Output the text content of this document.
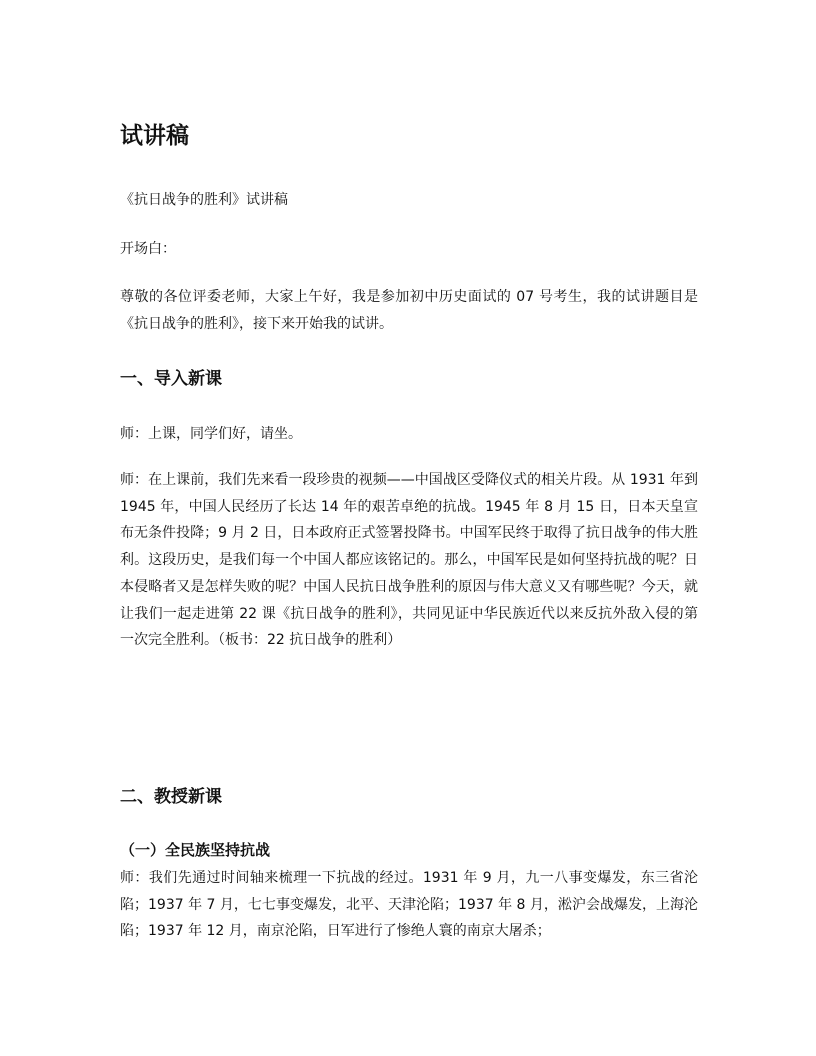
试讲稿

《抗日战争的胜利》试讲稿

开场白：

尊敬的各位评委老师，大家上午好，我是参加初中历史面试的 07 号考生，我的试讲题目是《抗日战争的胜利》，接下来开始我的试讲。

一、导入新课

师：上课，同学们好，请坐。

师：在上课前，我们先来看一段珍贵的视频——中国战区受降仪式的相关片段。从 1931 年到 1945 年，中国人民经历了长达 14 年的艰苦卓绝的抗战。1945 年 8 月 15 日，日本天皇宣布无条件投降；9 月 2 日，日本政府正式签署投降书。中国军民终于取得了抗日战争的伟大胜利。这段历史，是我们每一个中国人都应该铭记的。那么，中国军民是如何坚持抗战的呢？日本侵略者又是怎样失败的呢？中国人民抗日战争胜利的原因与伟大意义又有哪些呢？今天，就让我们一起走进第 22 课《抗日战争的胜利》，共同见证中华民族近代以来反抗外敌入侵的第一次完全胜利。（板书：22 抗日战争的胜利）

二、教授新课
（一）全民族坚持抗战

师：我们先通过时间轴来梳理一下抗战的经过。1931 年 9 月，九一八事变爆发，东三省沦陷；1937 年 7 月，七七事变爆发，北平、天津沦陷；1937 年 8 月，淞沪会战爆发，上海沦陷；1937 年 12 月，南京沦陷，日军进行了惨绝人寰的南京大屠杀；
